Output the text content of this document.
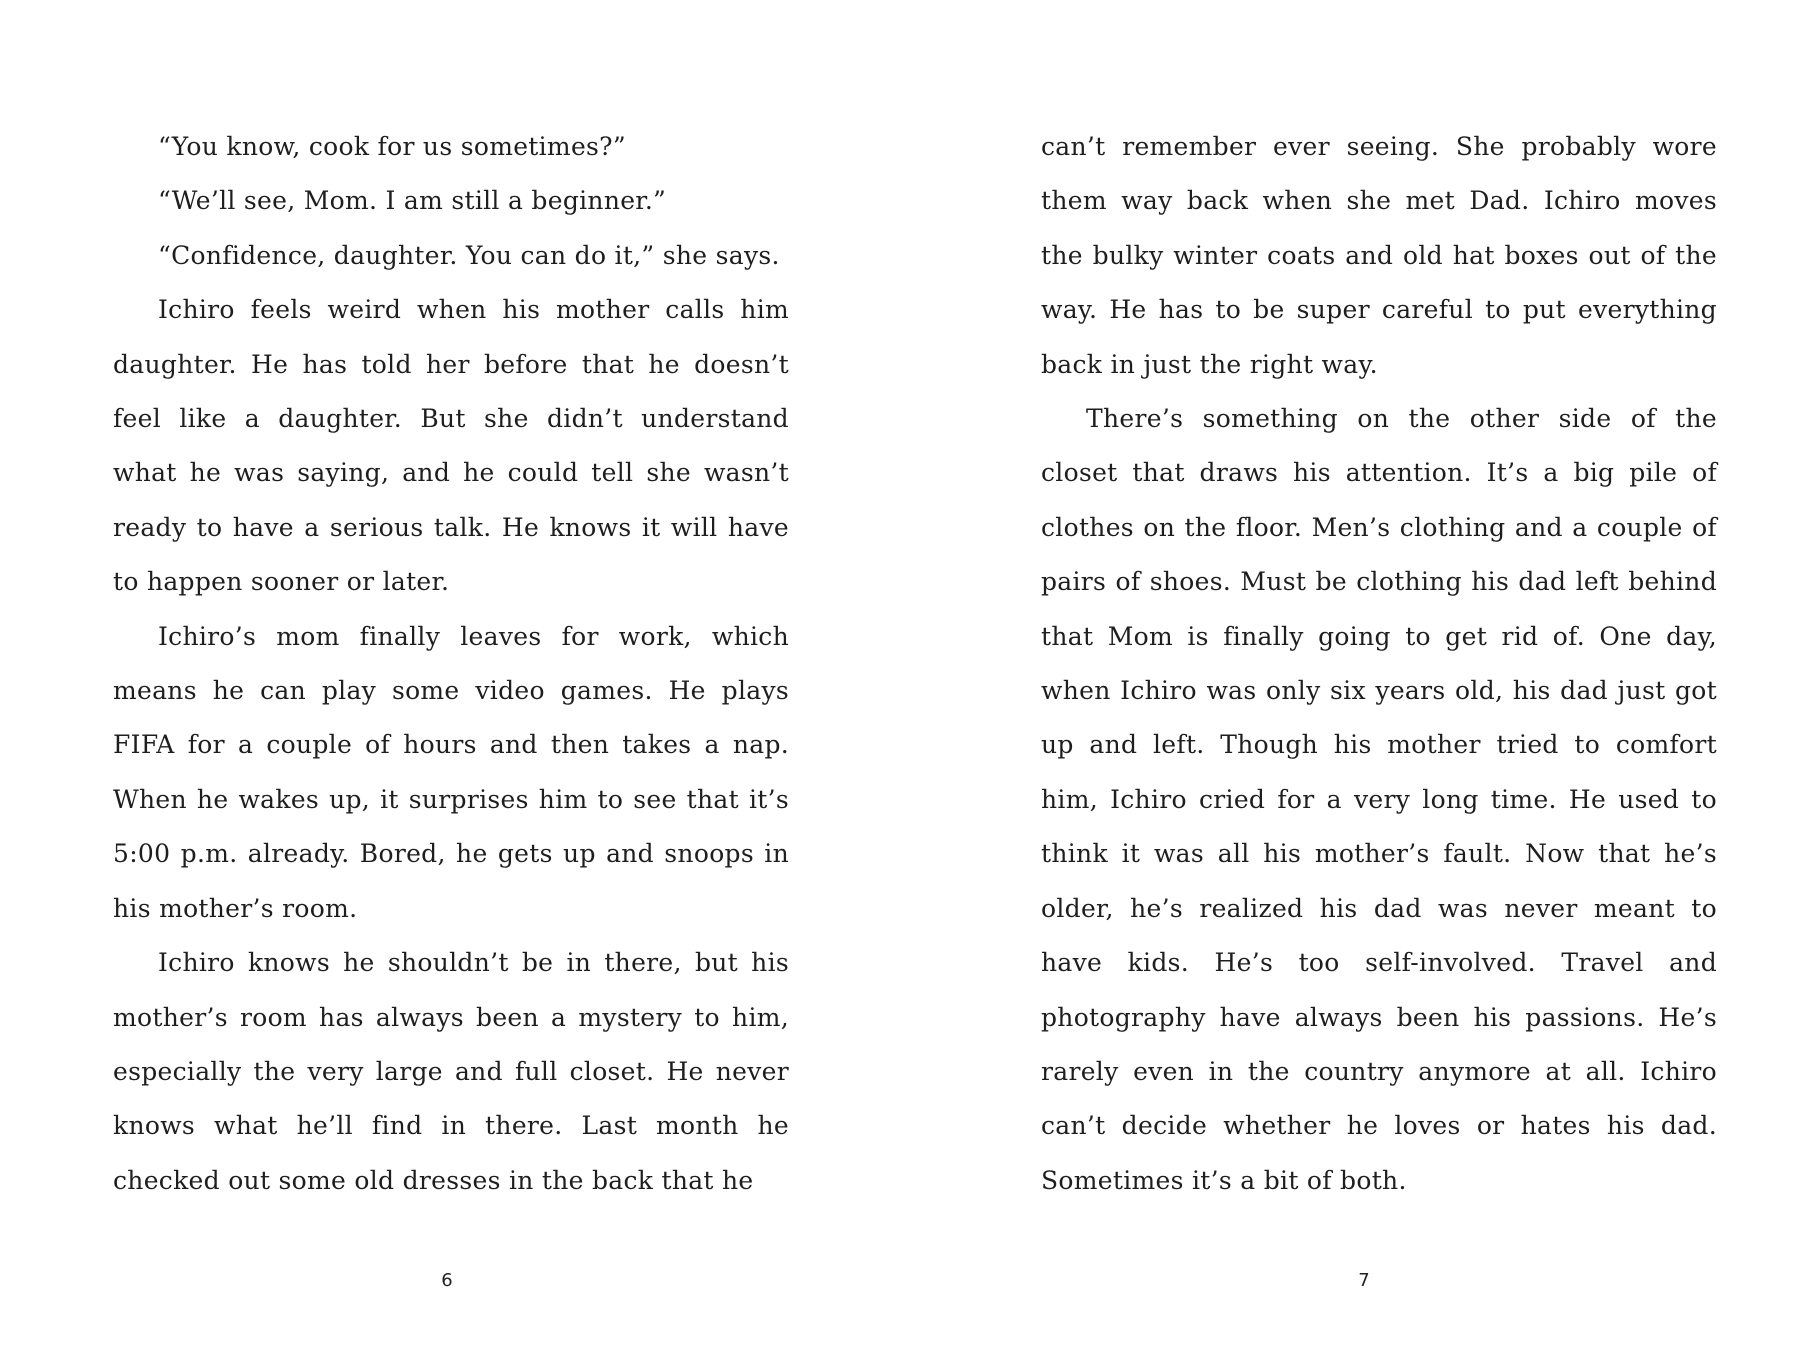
“You know, cook for us sometimes?”

“We’ll see, Mom. I am still a beginner.”

“Confidence, daughter. You can do it,” she says.

Ichiro feels weird when his mother calls him daughter. He has told her before that he doesn’t feel like a daughter. But she didn’t understand what he was saying, and he could tell she wasn’t ready to have a serious talk. He knows it will have to happen sooner or later.

Ichiro’s mom finally leaves for work, which means he can play some video games. He plays FIFA for a couple of hours and then takes a nap. When he wakes up, it surprises him to see that it’s 5:00 p.m. already. Bored, he gets up and snoops in his mother’s room.

Ichiro knows he shouldn’t be in there, but his mother’s room has always been a mystery to him, especially the very large and full closet. He never knows what he’ll find in there. Last month he checked out some old dresses in the back that he

can’t remember ever seeing. She probably wore them way back when she met Dad. Ichiro moves the bulky winter coats and old hat boxes out of the way. He has to be super careful to put everything back in just the right way.

There’s something on the other side of the closet that draws his attention. It’s a big pile of clothes on the floor. Men’s clothing and a couple of pairs of shoes. Must be clothing his dad left behind that Mom is finally going to get rid of. One day, when Ichiro was only six years old, his dad just got up and left. Though his mother tried to comfort him, Ichiro cried for a very long time. He used to think it was all his mother’s fault. Now that he’s older, he’s realized his dad was never meant to have kids. He’s too self-involved. Travel and photography have always been his passions. He’s rarely even in the country anymore at all. Ichiro can’t decide whether he loves or hates his dad. Sometimes it’s a bit of both.

6	7
